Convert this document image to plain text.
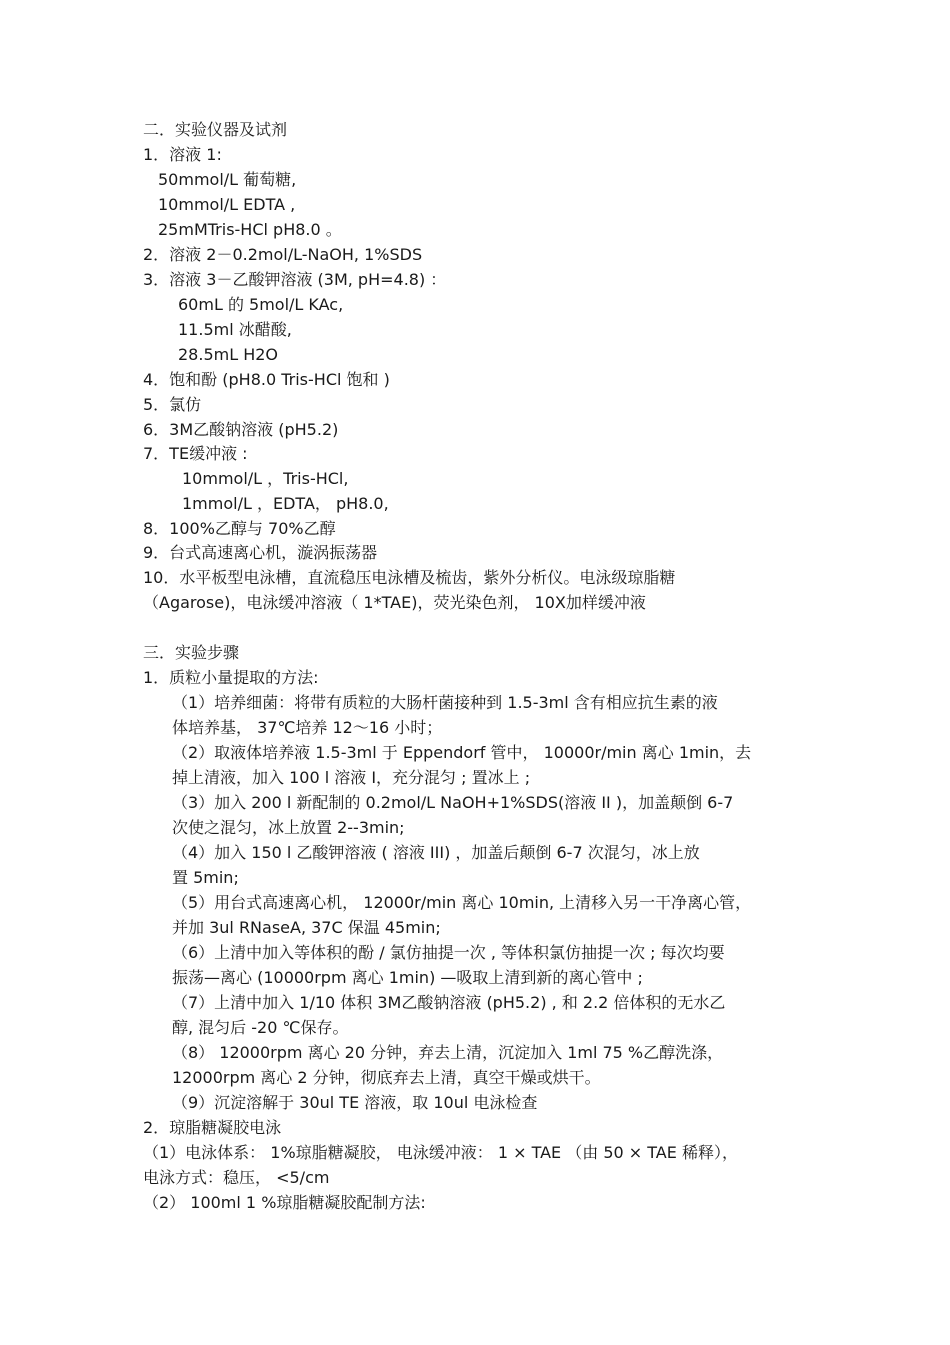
二．实验仪器及试剂
1．溶液 1:
50mmol/L 葡萄糖,
10mmol/L EDTA ,
25mMTris-HCl pH8.0 。
2．溶液 2－0.2mol/L-NaOH, 1%SDS
3．溶液 3－乙酸钾溶液 (3M, pH=4.8) ：
60mL 的 5mol/L KAc,
11.5ml 冰醋酸,
28.5mL H2O
4．饱和酚 (pH8.0 Tris-HCl 饱和 )
5．氯仿
6．3M乙酸钠溶液 (pH5.2)
7．TE缓冲液 :
10mmol/L ，Tris-HCl,
1mmol/L ，EDTA， pH8.0,
8．100%乙醇与 70%乙醇
9．台式高速离心机，漩涡振荡器
10．水平板型电泳槽，直流稳压电泳槽及梳齿，紫外分析仪。电泳级琼脂糖
（Agarose)，电泳缓冲溶液（ 1*TAE)，荧光染色剂， 10X加样缓冲液
三．实验步骤
1．质粒小量提取的方法:
（1）培养细菌：将带有质粒的大肠杆菌接种到 1.5-3ml 含有相应抗生素的液
体培养基， 37℃培养 12～16 小时；
（2）取液体培养液 1.5-3ml 于 Eppendorf 管中， 10000r/min 离心 1min，去
掉上清液，加入 100 l 溶液 I，充分混匀 ; 置冰上 ;
（3）加入 200 l 新配制的 0.2mol/L NaOH+1%SDS(溶液 II )，加盖颠倒 6-7
次使之混匀，冰上放置 2--3min;
（4）加入 150 l 乙酸钾溶液 ( 溶液 III) ，加盖后颠倒 6-7 次混匀，冰上放
置 5min;
（5）用台式高速离心机， 12000r/min 离心 10min, 上清移入另一干净离心管，
并加 3ul RNaseA, 37C 保温 45min;
（6）上清中加入等体积的酚 / 氯仿抽提一次 , 等体积氯仿抽提一次 ; 每次均要
振荡—离心 (10000rpm 离心 1min) —吸取上清到新的离心管中 ;
（7）上清中加入 1/10 体积 3M乙酸钠溶液 (pH5.2) , 和 2.2 倍体积的无水乙
醇, 混匀后 -20 ℃保存。
（8） 12000rpm 离心 20 分钟，弃去上清，沉淀加入 1ml 75 %乙醇洗涤，
12000rpm 离心 2 分钟，彻底弃去上清，真空干燥或烘干。
（9）沉淀溶解于 30ul TE 溶液，取 10ul 电泳检查
2．琼脂糖凝胶电泳
（1）电泳体系： 1%琼脂糖凝胶， 电泳缓冲液： 1 × TAE （由 50 × TAE 稀释），
电泳方式：稳压， <5/cm
（2） 100ml 1 %琼脂糖凝胶配制方法:
